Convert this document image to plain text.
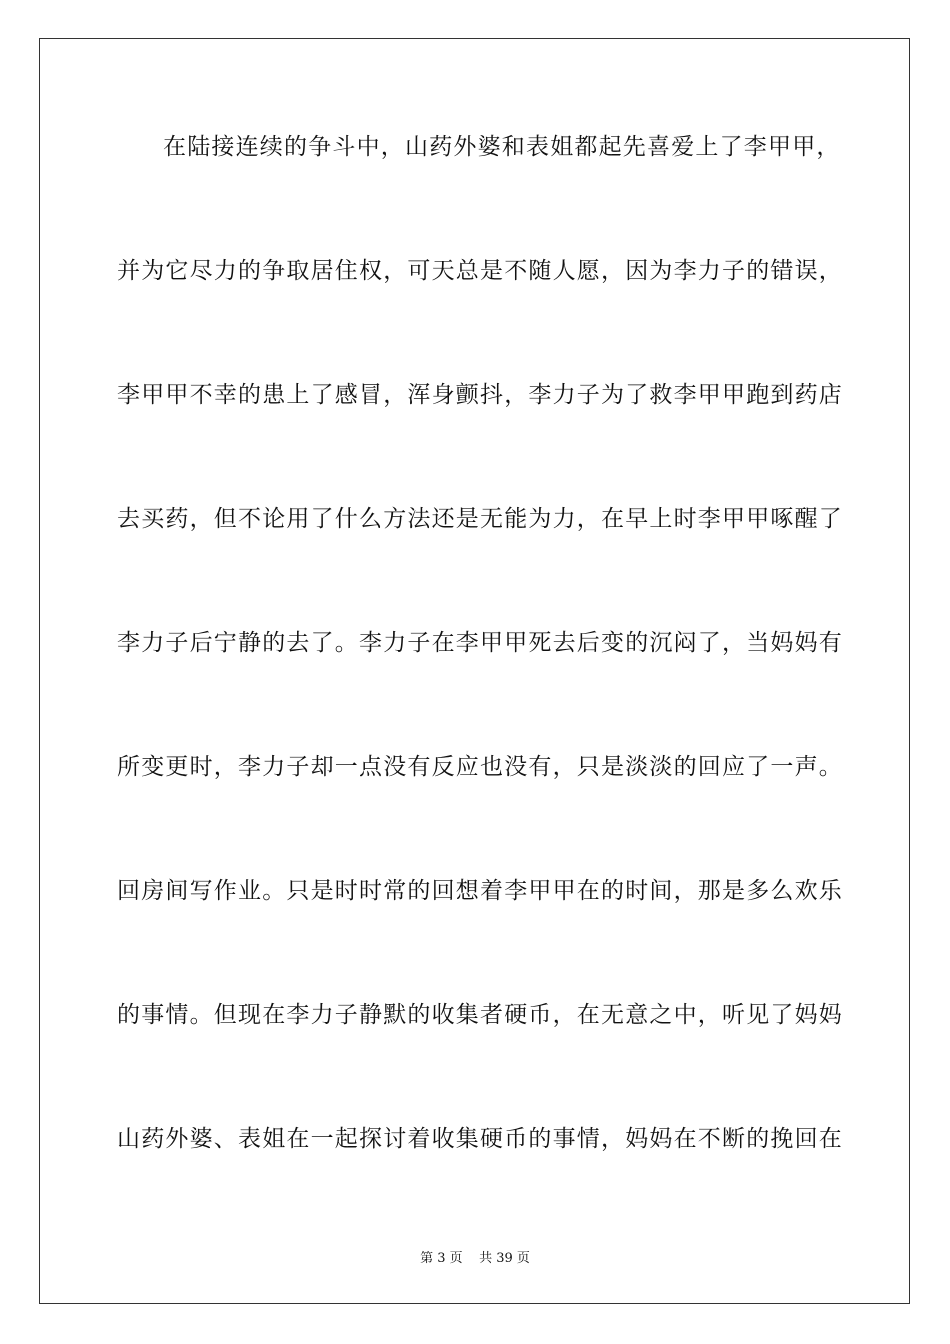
在陆接连续的争斗中，山药外婆和表姐都起先喜爱上了李甲甲，
并为它尽力的争取居住权，可天总是不随人愿，因为李力子的错误，
李甲甲不幸的患上了感冒，浑身颤抖，李力子为了救李甲甲跑到药店
去买药，但不论用了什么方法还是无能为力，在早上时李甲甲啄醒了
李力子后宁静的去了。李力子在李甲甲死去后变的沉闷了，当妈妈有
所变更时，李力子却一点没有反应也没有，只是淡淡的回应了一声。
回房间写作业。只是时时常的回想着李甲甲在的时间，那是多么欢乐
的事情。但现在李力子静默的收集者硬币，在无意之中，听见了妈妈
山药外婆、表姐在一起探讨着收集硬币的事情，妈妈在不断的挽回在
第 3 页    共 39 页
